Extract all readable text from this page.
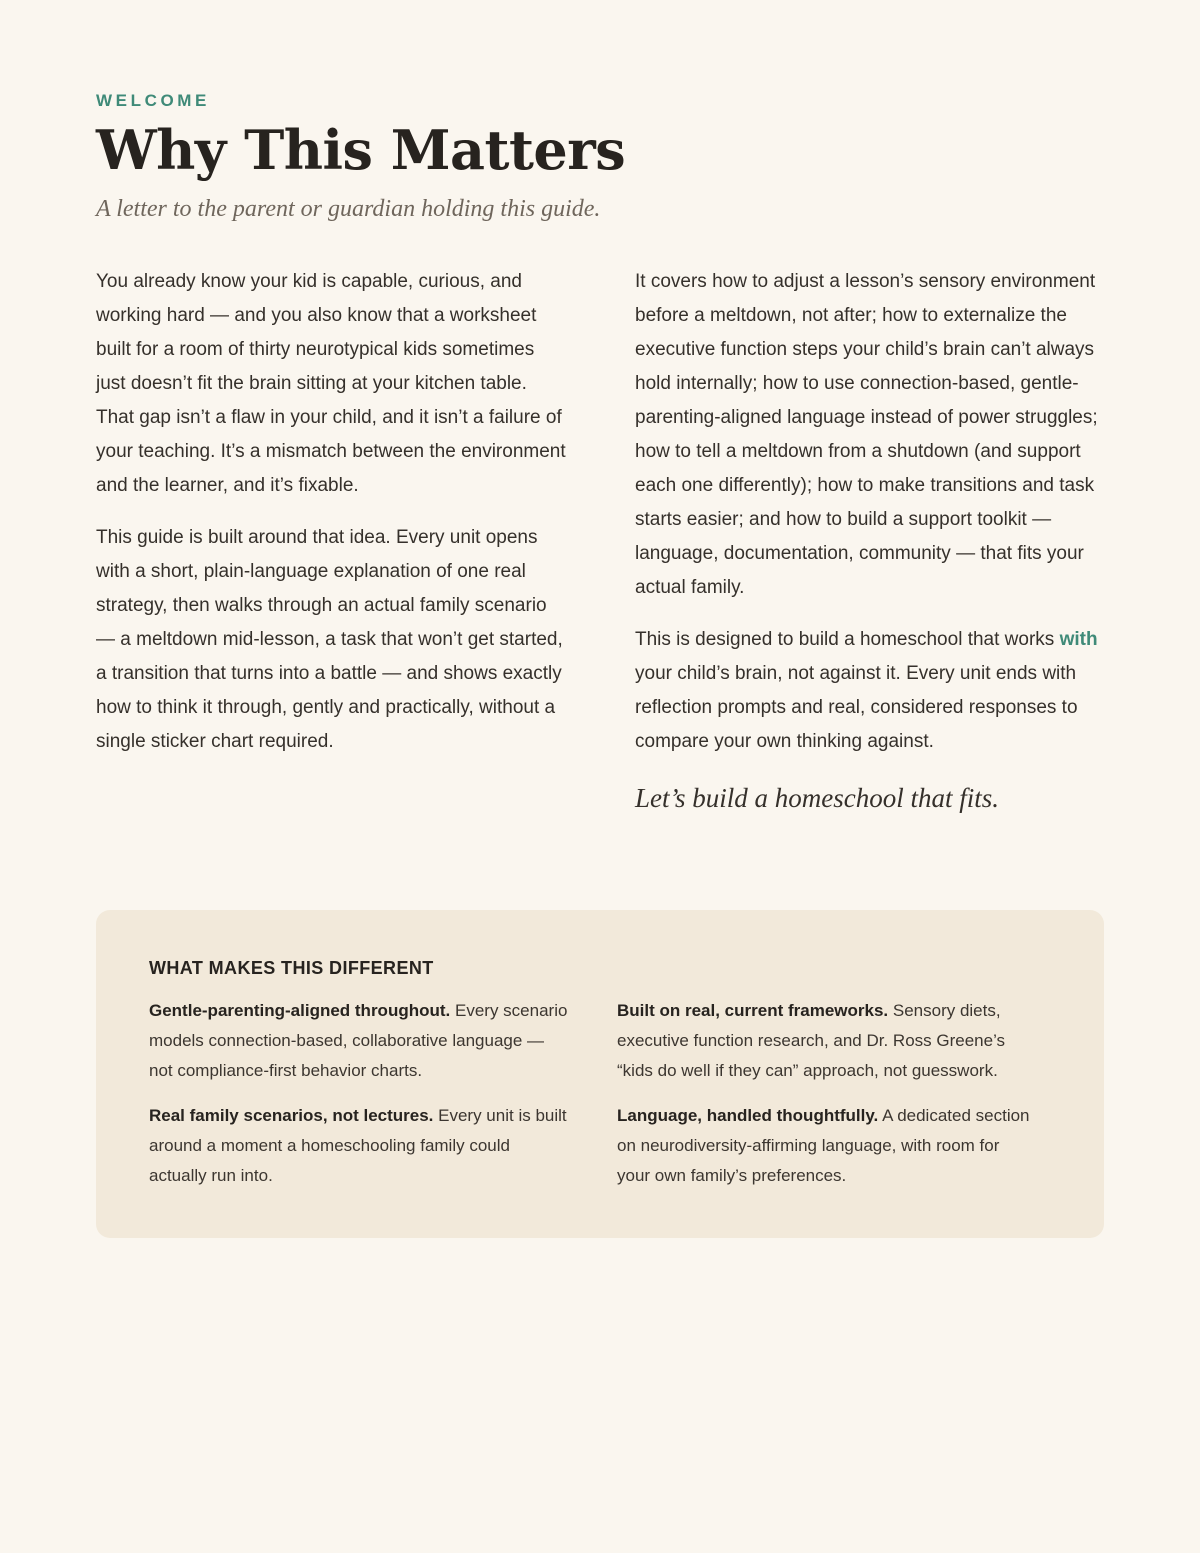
WELCOME
Why This Matters

A letter to the parent or guardian holding this guide.

You already know your kid is capable, curious, and working hard — and you also know that a worksheet built for a room of thirty neurotypical kids sometimes just doesn’t fit the brain sitting at your kitchen table. That gap isn’t a flaw in your child, and it isn’t a failure of your teaching. It’s a mismatch between the environment and the learner, and it’s fixable.

This guide is built around that idea. Every unit opens with a short, plain-language explanation of one real strategy, then walks through an actual family scenario — a meltdown mid-lesson, a task that won’t get started, a transition that turns into a battle — and shows exactly how to think it through, gently and practically, without a single sticker chart required.

It covers how to adjust a lesson’s sensory environment before a meltdown, not after; how to externalize the executive function steps your child’s brain can’t always hold internally; how to use connection-based, gentle-parenting-aligned language instead of power struggles; how to tell a meltdown from a shutdown (and support each one differently); how to make transitions and task starts easier; and how to build a support toolkit — language, documentation, community — that fits your actual family.

This is designed to build a homeschool that works with your child’s brain, not against it. Every unit ends with reflection prompts and real, considered responses to compare your own thinking against.

Let’s build a homeschool that fits.
WHAT MAKES THIS DIFFERENT
Gentle-parenting-aligned throughout. Every scenario models connection-based, collaborative language — not compliance-first behavior charts.
Built on real, current frameworks. Sensory diets, executive function research, and Dr. Ross Greene’s “kids do well if they can” approach, not guesswork.
Real family scenarios, not lectures. Every unit is built around a moment a homeschooling family could actually run into.
Language, handled thoughtfully. A dedicated section on neurodiversity-affirming language, with room for your own family’s preferences.
